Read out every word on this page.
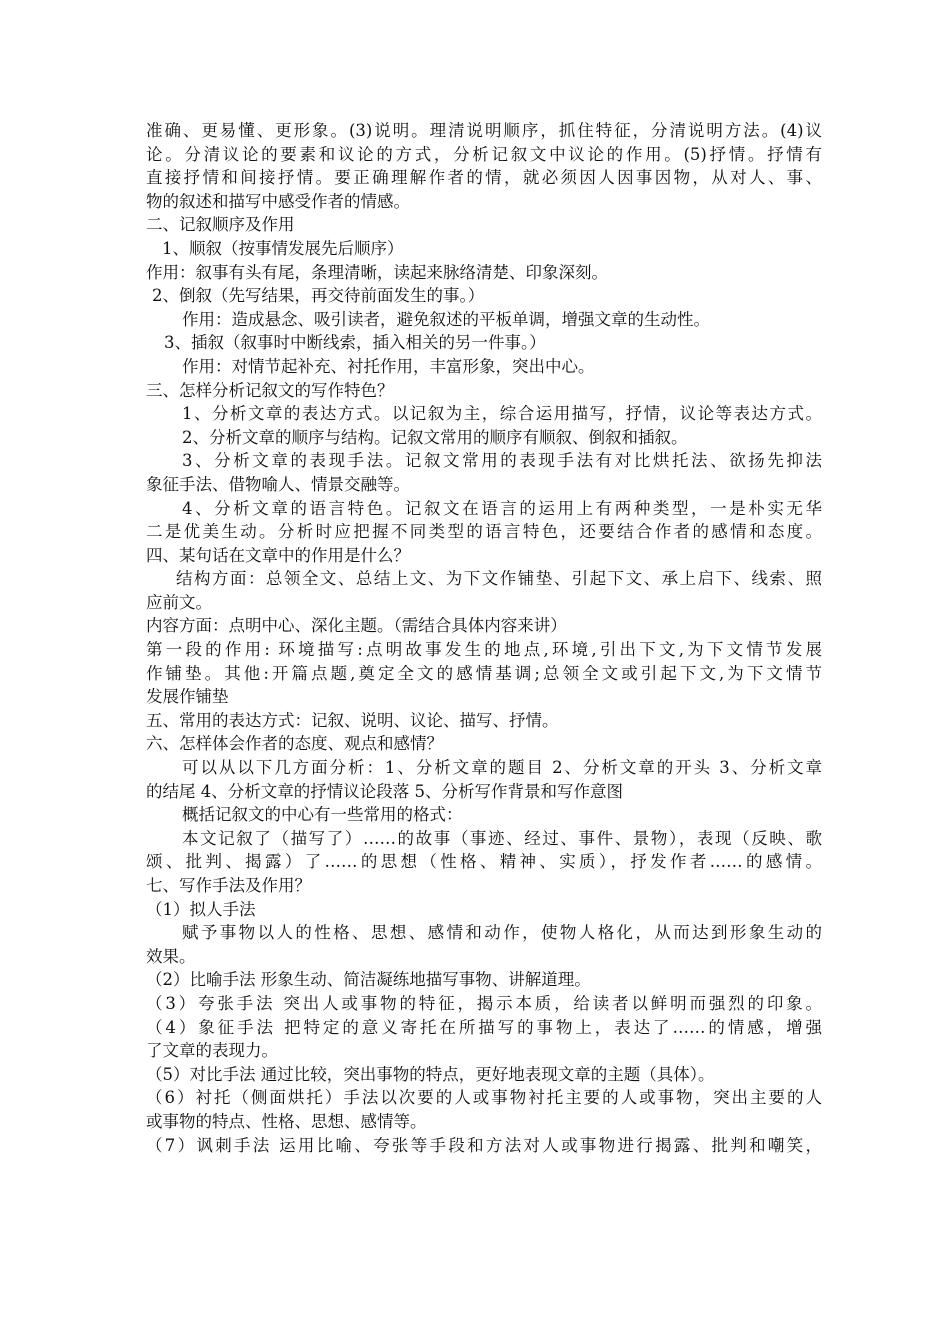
准确、更易懂、更形象。(3)说明。理清说明顺序，抓住特征，分清说明方法。(4)议
论。分清议论的要素和议论的方式，分析记叙文中议论的作用。(5)抒情。抒情有
直接抒情和间接抒情。要正确理解作者的情，就必须因人因事因物，从对人、事、
物的叙述和描写中感受作者的情感。
二、记叙顺序及作用
1、顺叙（按事情发展先后顺序）
作用：叙事有头有尾，条理清晰，读起来脉络清楚、印象深刻。
2、倒叙（先写结果，再交待前面发生的事。）
作用：造成悬念、吸引读者，避免叙述的平板单调，增强文章的生动性。
3、插叙（叙事时中断线索，插入相关的另一件事。）
作用：对情节起补充、衬托作用，丰富形象，突出中心。
三、怎样分析记叙文的写作特色？
1、分析文章的表达方式。以记叙为主，综合运用描写，抒情，议论等表达方式。
2、分析文章的顺序与结构。记叙文常用的顺序有顺叙、倒叙和插叙。
3、分析文章的表现手法。记叙文常用的表现手法有对比烘托法、欲扬先抑法
象征手法、借物喻人、情景交融等。
4、分析文章的语言特色。记叙文在语言的运用上有两种类型，一是朴实无华
二是优美生动。分析时应把握不同类型的语言特色，还要结合作者的感情和态度。
四、某句话在文章中的作用是什么？
结构方面：总领全文、总结上文、为下文作铺垫、引起下文、承上启下、线索、照
应前文。
内容方面：点明中心、深化主题。（需结合具体内容来讲）
第一段的作用: 环境描写:点明故事发生的地点,环境,引出下文,为下文情节发展
作铺垫。其他:开篇点题,奠定全文的感情基调;总领全文或引起下文,为下文情节
发展作铺垫
五、常用的表达方式：记叙、说明、议论、描写、抒情。
六、怎样体会作者的态度、观点和感情？
可以从以下几方面分析：1、分析文章的题目 2、分析文章的开头 3、分析文章
的结尾 4、分析文章的抒情议论段落 5、分析写作背景和写作意图
概括记叙文的中心有一些常用的格式：
本文记叙了（描写了）……的故事（事迹、经过、事件、景物），表现（反映、歌
颂、批判、揭露）了……的思想（性格、精神、实质），抒发作者……的感情。
七、写作手法及作用？
（1）拟人手法
赋予事物以人的性格、思想、感情和动作，使物人格化，从而达到形象生动的
效果。
（2）比喻手法 形象生动、简洁凝练地描写事物、讲解道理。
（3）夸张手法 突出人或事物的特征，揭示本质，给读者以鲜明而强烈的印象。
（4）象征手法 把特定的意义寄托在所描写的事物上，表达了……的情感，增强
了文章的表现力。
（5）对比手法 通过比较，突出事物的特点，更好地表现文章的主题（具体）。
（6）衬托（侧面烘托）手法以次要的人或事物衬托主要的人或事物，突出主要的人
或事物的特点、性格、思想、感情等。
（7）讽刺手法 运用比喻、夸张等手段和方法对人或事物进行揭露、批判和嘲笑，
